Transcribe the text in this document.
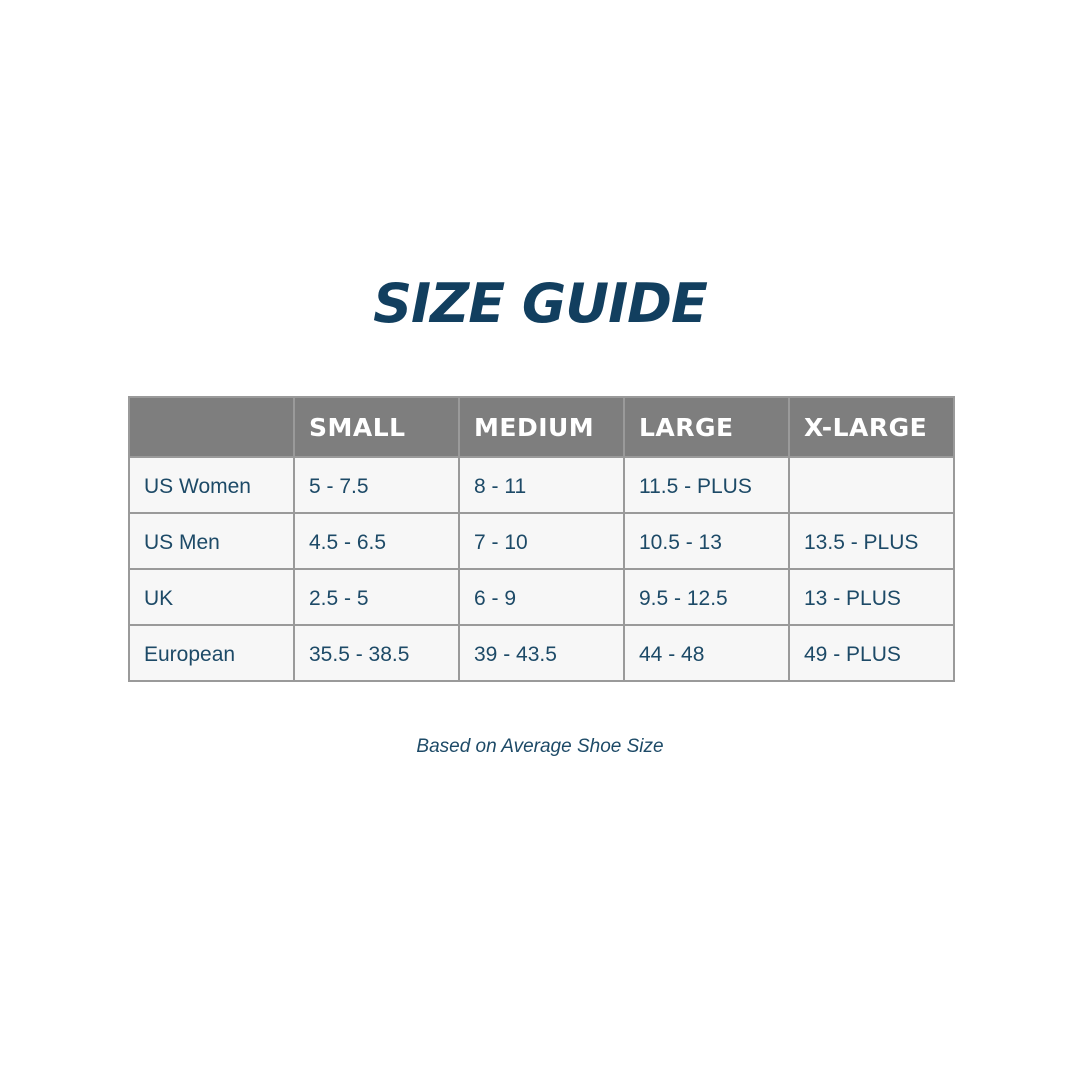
SIZE GUIDE
	SMALL	MEDIUM	LARGE	X-LARGE
US Women	5 - 7.5	8 - 11	11.5 - PLUS	
US Men	4.5 - 6.5	7 - 10	10.5 - 13	13.5 - PLUS
UK	2.5 - 5	6 - 9	9.5 - 12.5	13 - PLUS
European	35.5 - 38.5	39 - 43.5	44 - 48	49 - PLUS
Based on Average Shoe Size
